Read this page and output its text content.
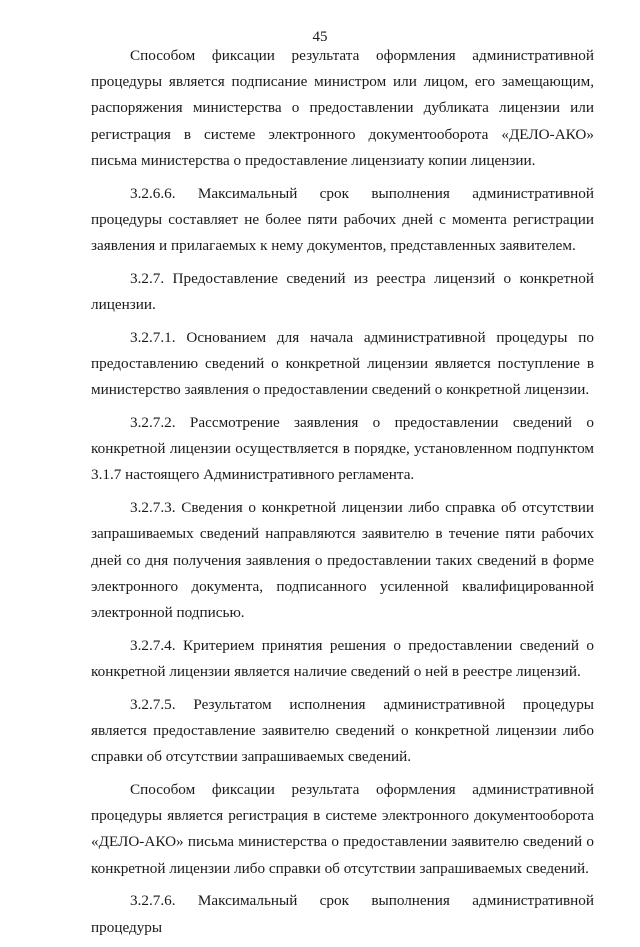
45

Способом фиксации результата оформления административной процедуры является подписание министром или лицом, его замещающим, распоряжения министерства о предоставлении дубликата лицензии или регистрация в системе электронного документооборота «ДЕЛО-АКО» письма министерства о предоставление лицензиату копии лицензии.

3.2.6.6. Максимальный срок выполнения административной процедуры составляет не более пяти рабочих дней с момента регистрации заявления и прилагаемых к нему документов, представленных заявителем.

3.2.7. Предоставление сведений из реестра лицензий о конкретной лицензии.

3.2.7.1. Основанием для начала административной процедуры по предоставлению сведений о конкретной лицензии является поступление в министерство заявления о предоставлении сведений о конкретной лицензии.

3.2.7.2. Рассмотрение заявления о предоставлении сведений о конкретной лицензии осуществляется в порядке, установленном подпунктом 3.1.7 настоящего Административного регламента.

3.2.7.3. Сведения о конкретной лицензии либо справка об отсутствии запрашиваемых сведений направляются заявителю в течение пяти рабочих дней со дня получения заявления о предоставлении таких сведений в форме электронного документа, подписанного усиленной квалифицированной электронной подписью.

3.2.7.4. Критерием принятия решения о предоставлении сведений о конкретной лицензии является наличие сведений о ней в реестре лицензий.

3.2.7.5. Результатом исполнения административной процедуры является предоставление заявителю сведений о конкретной лицензии либо справки об отсутствии запрашиваемых сведений.

Способом фиксации результата оформления административной процедуры является регистрация в системе электронного документооборота «ДЕЛО-АКО» письма министерства о предоставлении заявителю сведений о конкретной лицензии либо справки об отсутствии запрашиваемых сведений.

3.2.7.6. Максимальный срок выполнения административной процедуры
